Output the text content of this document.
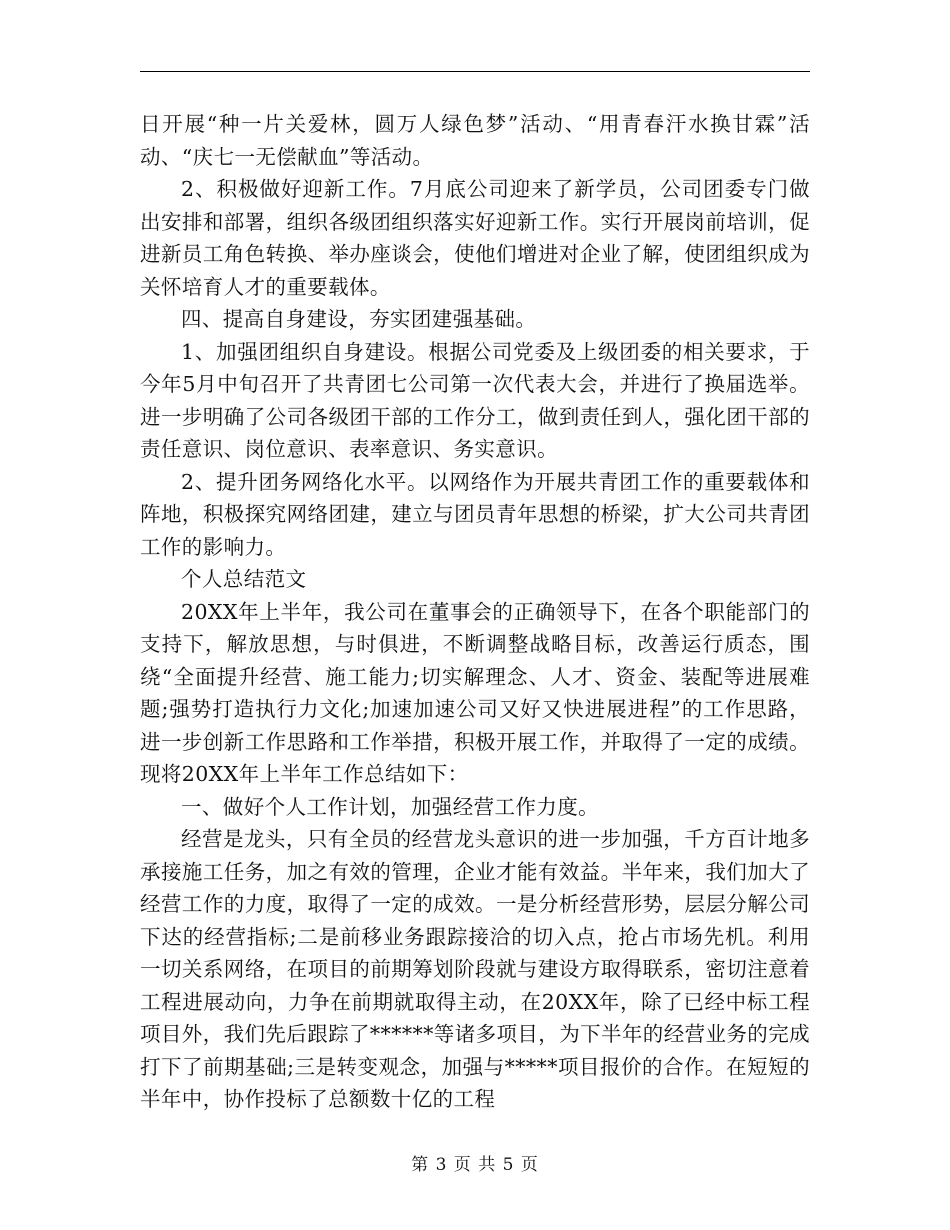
日开展“种一片关爱林，圆万人绿色梦”活动、“用青春汗水换甘霖”活动、“庆七一无偿献血”等活动。

2、积极做好迎新工作。7月底公司迎来了新学员，公司团委专门做出安排和部署，组织各级团组织落实好迎新工作。实行开展岗前培训，促进新员工角色转换、举办座谈会，使他们增进对企业了解，使团组织成为关怀培育人才的重要载体。

四、提高自身建设，夯实团建强基础。

1、加强团组织自身建设。根据公司党委及上级团委的相关要求，于今年5月中旬召开了共青团七公司第一次代表大会，并进行了换届选举。进一步明确了公司各级团干部的工作分工，做到责任到人，强化团干部的责任意识、岗位意识、表率意识、务实意识。

2、提升团务网络化水平。以网络作为开展共青团工作的重要载体和阵地，积极探究网络团建，建立与团员青年思想的桥梁，扩大公司共青团工作的影响力。

个人总结范文

20XX年上半年，我公司在董事会的正确领导下，在各个职能部门的支持下，解放思想，与时俱进，不断调整战略目标，改善运行质态，围绕“全面提升经营、施工能力;切实解理念、人才、资金、装配等进展难题;强势打造执行力文化;加速加速公司又好又快进展进程”的工作思路，进一步创新工作思路和工作举措，积极开展工作，并取得了一定的成绩。现将20XX年上半年工作总结如下：

一、做好个人工作计划，加强经营工作力度。

经营是龙头，只有全员的经营龙头意识的进一步加强，千方百计地多承接施工任务，加之有效的管理，企业才能有效益。半年来，我们加大了经营工作的力度，取得了一定的成效。一是分析经营形势，层层分解公司下达的经营指标;二是前移业务跟踪接洽的切入点，抢占市场先机。利用一切关系网络，在项目的前期筹划阶段就与建设方取得联系，密切注意着工程进展动向，力争在前期就取得主动，在20XX年，除了已经中标工程项目外，我们先后跟踪了******等诸多项目，为下半年的经营业务的完成打下了前期基础;三是转变观念，加强与*****项目报价的合作。在短短的半年中，协作投标了总额数十亿的工程

第 3 页 共 5 页
